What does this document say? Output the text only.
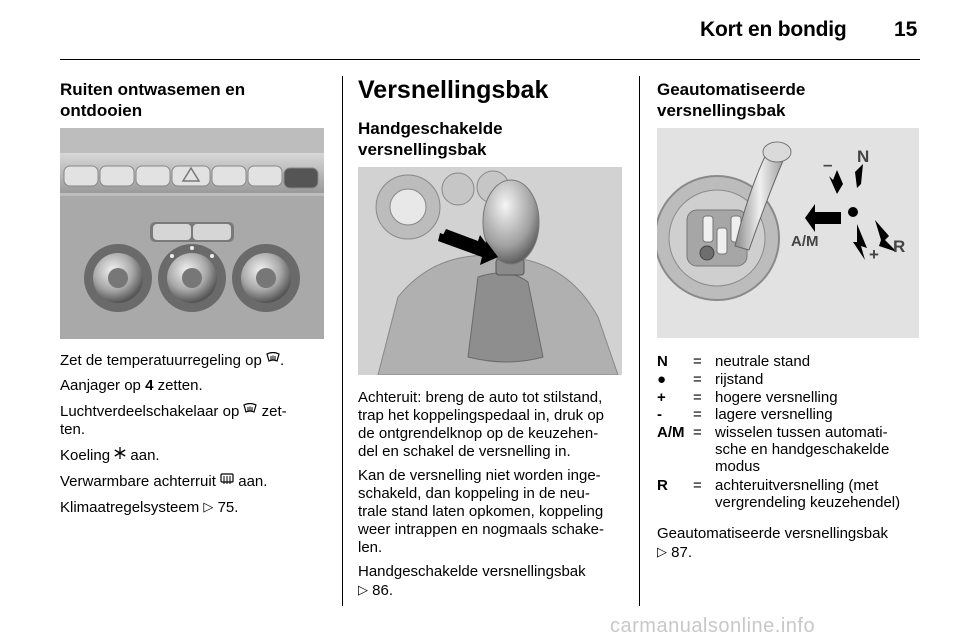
Kort en bondig 15
Ruiten ontwasemen en
ontdooien

Zet de temperatuurregeling op .

Aanjager op 4 zetten.

Luchtverdeelschakelaar op  zet-
ten.

Koeling  aan.

Verwarmbare achterruit  aan.

Klimaatregelsysteem ▷ 75.

Versnellingsbak
Handgeschakelde
versnellingsbak

Achteruit: breng de auto tot stilstand,
trap het koppelingspedaal in, druk op
de ontgrendelknop op de keuzehen-
del en schakel de versnelling in.

Kan de versnelling niet worden inge-
schakeld, dan koppeling in de neu-
trale stand laten opkomen, koppeling
weer intrappen en nogmaals schake-
len.

Handgeschakelde versnellingsbak
▷ 86.

Geautomatiseerde
versnellingsbak
N
–
A/M
+ R
N = neutrale stand
● = rijstand
+ = hogere versnelling
- = lagere versnelling
A/M = wisselen tussen automati-
sche en handgeschakelde
modus
R = achteruitversnelling (met
vergrendeling keuzehendel)

Geautomatiseerde versnellingsbak
▷ 87.

carmanualsonline.info
